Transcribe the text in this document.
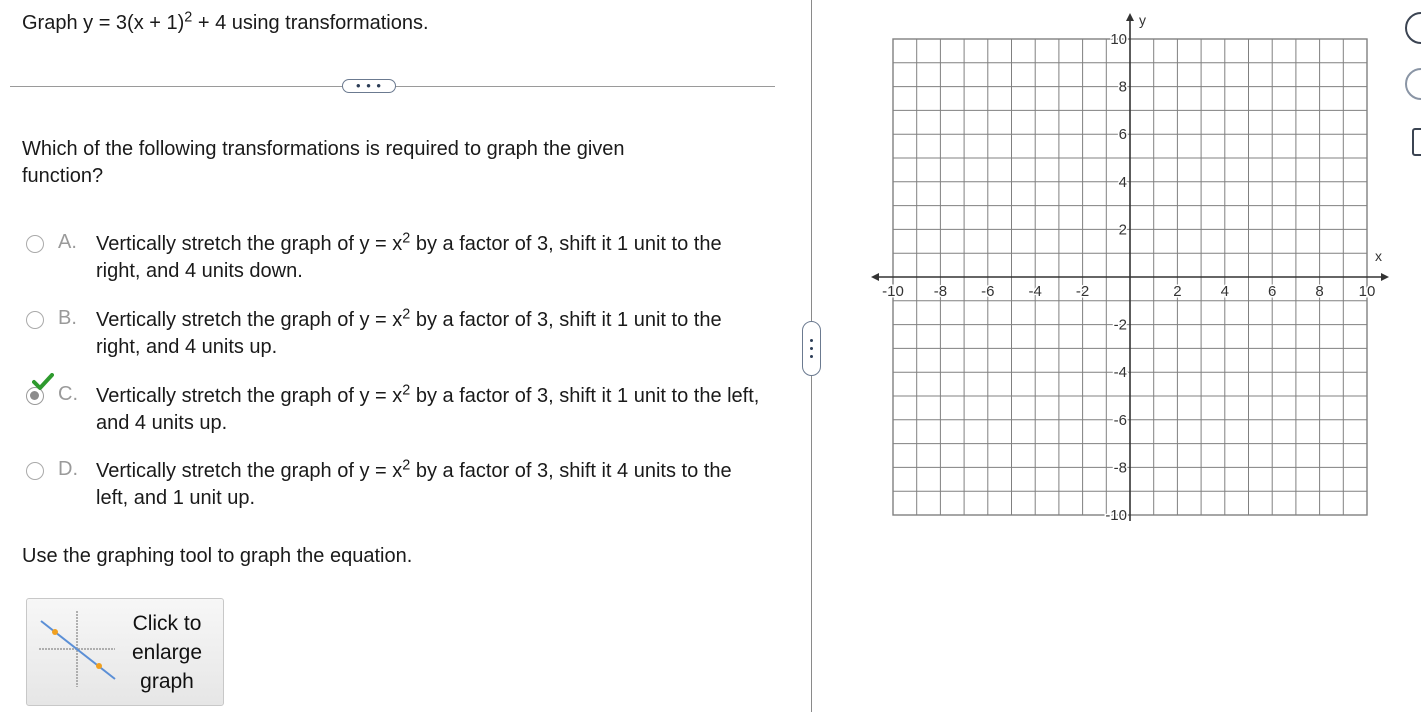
Graph $y = 3(x + 1)^2 + 4$ using transformations.
• • •
Which of the following transformations is required to graph the given function?
A. Vertically stretch the graph of $y = x^2$ by a factor of 3, shift it 1 unit to the right, and 4 units down.
B. Vertically stretch the graph of $y = x^2$ by a factor of 3, shift it 1 unit to the right, and 4 units up.
C. Vertically stretch the graph of $y = x^2$ by a factor of 3, shift it 1 unit to the left, and 4 units up.
D. Vertically stretch the graph of $y = x^2$ by a factor of 3, shift it 4 units to the left, and 1 unit up.
Use the graphing tool to graph the equation.
Click to
enlarge
graph
x
y
-10 -8 -6 -4 -2	2	4	6	8 10
10
8
6
4
2
-2
-4
-6
-8
-10
